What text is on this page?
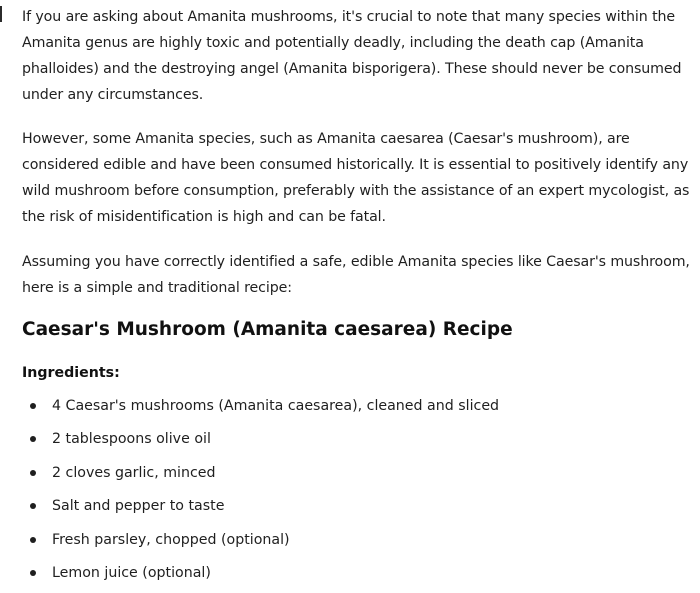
If you are asking about Amanita mushrooms, it's crucial to note that many species within the Amanita genus are highly toxic and potentially deadly, including the death cap (Amanita phalloides) and the destroying angel (Amanita bisporigera). These should never be consumed under any circumstances.

However, some Amanita species, such as Amanita caesarea (Caesar's mushroom), are considered edible and have been consumed historically. It is essential to positively identify any wild mushroom before consumption, preferably with the assistance of an expert mycologist, as the risk of misidentification is high and can be fatal.

Assuming you have correctly identified a safe, edible Amanita species like Caesar's mushroom, here is a simple and traditional recipe:

Caesar's Mushroom (Amanita caesarea) Recipe

Ingredients:

4 Caesar's mushrooms (Amanita caesarea), cleaned and sliced
2 tablespoons olive oil
2 cloves garlic, minced
Salt and pepper to taste
Fresh parsley, chopped (optional)
Lemon juice (optional)
